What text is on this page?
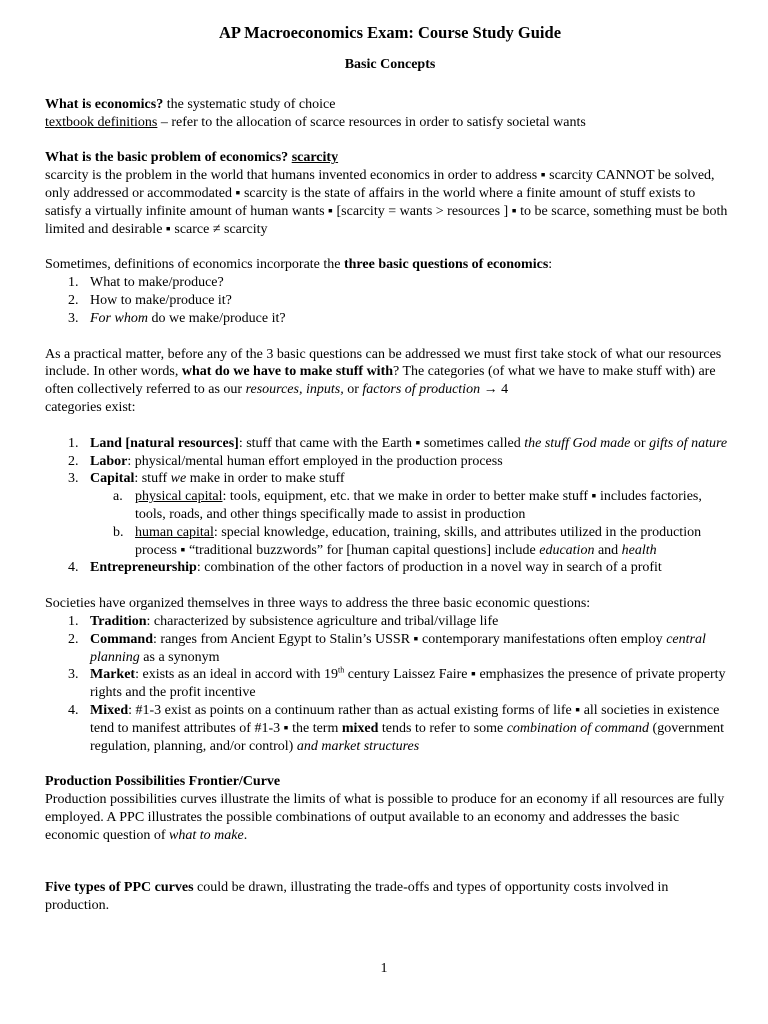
AP Macroeconomics Exam: Course Study Guide
Basic Concepts

What is economics? the systematic study of choice

textbook definitions – refer to the allocation of scarce resources in order to satisfy societal wants

What is the basic problem of economics? scarcity

scarcity is the problem in the world that humans invented economics in order to address ▪ scarcity CANNOT be solved, only addressed or accommodated ▪ scarcity is the state of affairs in the world where a finite amount of stuff exists to satisfy a virtually infinite amount of human wants ▪ [scarcity = wants > resources ] ▪ to be scarce, something must be both limited and desirable ▪ scarce ≠ scarcity

Sometimes, definitions of economics incorporate the three basic questions of economics:

1. What to make/produce?
2. How to make/produce it?
3. For whom do we make/produce it?

As a practical matter, before any of the 3 basic questions can be addressed we must first take stock of what our resources include. In other words, what do we have to make stuff with? The categories (of what we have to make stuff with) are often collectively referred to as our resources, inputs, or factors of production → 4
categories exist:

1. Land [natural resources]: stuff that came with the Earth ▪ sometimes called the stuff God made or gifts of nature
2. Labor: physical/mental human effort employed in the production process
3. Capital: stuff we make in order to make stuff
a. physical capital: tools, equipment, etc. that we make in order to better make stuff ▪ includes factories, tools, roads, and other things specifically made to assist in production
b. human capital: special knowledge, education, training, skills, and attributes utilized in the production process ▪ “traditional buzzwords” for [human capital questions] include education and health
4. Entrepreneurship: combination of the other factors of production in a novel way in search of a profit

Societies have organized themselves in three ways to address the three basic economic questions:

1. Tradition: characterized by subsistence agriculture and tribal/village life
2. Command: ranges from Ancient Egypt to Stalin’s USSR ▪ contemporary manifestations often employ central planning as a synonym
3. Market: exists as an ideal in accord with 19th century Laissez Faire ▪ emphasizes the presence of private property rights and the profit incentive
4. Mixed: #1-3 exist as points on a continuum rather than as actual existing forms of life ▪ all societies in existence tend to manifest attributes of #1-3 ▪ the term mixed tends to refer to some combination of command (government regulation, planning, and/or control) and market structures

Production Possibilities Frontier/Curve

Production possibilities curves illustrate the limits of what is possible to produce for an economy if all resources are fully employed. A PPC illustrates the possible combinations of output available to an economy and addresses the basic economic question of what to make.

Five types of PPC curves could be drawn, illustrating the trade-offs and types of opportunity costs involved in production.

1
